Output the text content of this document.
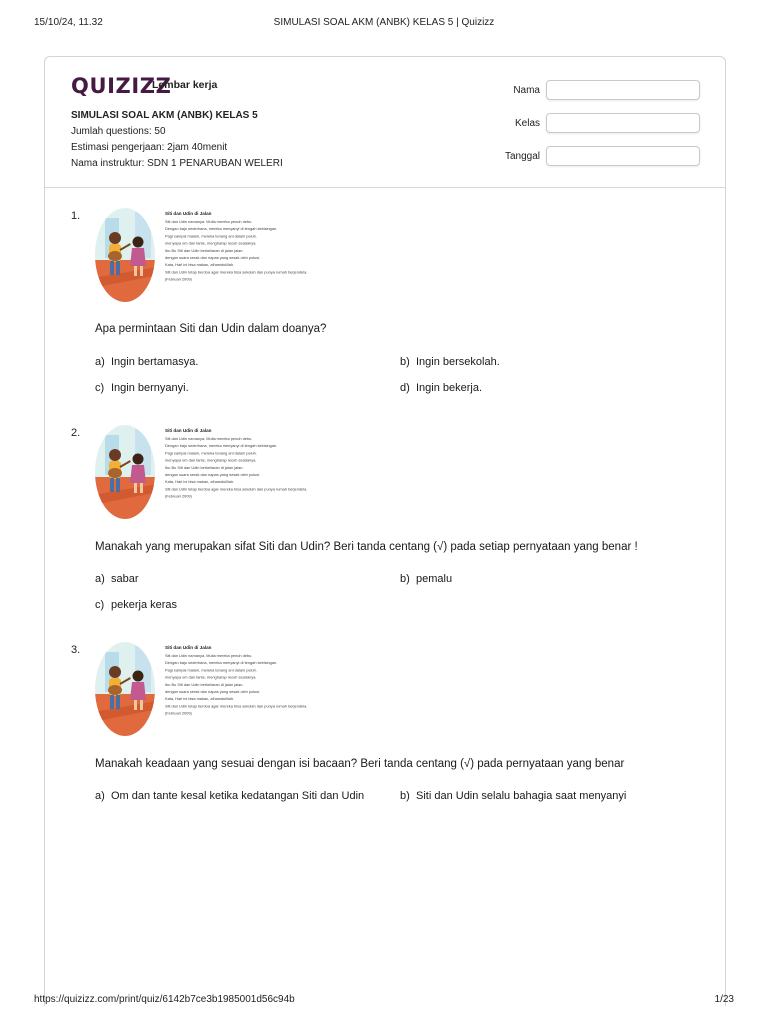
15/10/24, 11.32	SIMULASI SOAL AKM (ANBK) KELAS 5 | Quizizz
QUIZIZZ
Lembar kerja
SIMULASI SOAL AKM (ANBK) KELAS 5
Jumlah questions: 50
Estimasi pengerjaan: 2jam 40menit
Nama instruktur: SDN 1 PENARUBAN WELERI
Nama
Kelas
Tanggal
1.	Siti dan Udin di Jalan
Siti dan Udin namanya. Mulia mereka penuh debu.
Dengan baju sederhana, mereka menyanyi di tengah kebisingan.
Pagi sampai malam, mereka tenang ani dalam peluh.
menyapa om dan tante, mengharap receh seadanya.
Ibu Bu Siti dan Udin berkeliaran di jalan jalan.
dengan suara serak dan napas yang sesak oleh polusi.
Kata, Hari ini bisa makan, alhamdulillah.
Siti dan Udin tetap berdoa agar mereka bisa sekolah dan punya rumah berjendela.
(Februari 2009)
Apa permintaan Siti dan Udin dalam doanya?
a) Ingin bertamasya.	b) Ingin bersekolah.
c) Ingin bernyanyi.	d) Ingin bekerja.
2.	Siti dan Udin di Jalan
Siti dan Udin namanya. Mulia mereka penuh debu.
Dengan baju sederhana, mereka menyanyi di tengah kebisingan.
Pagi sampai malam, mereka tenang ani dalam peluh.
menyapa om dan tante, mengharap receh seadanya.
Ibu Bu Siti dan Udin berkeliaran di jalan jalan.
dengan suara serak dan napas yang sesak oleh polusi.
Kata, Hari ini bisa makan, alhamdulillah.
Siti dan Udin tetap berdoa agar mereka bisa sekolah dan punya rumah berjendela.
(Februari 2009)
Manakah yang merupakan sifat Siti dan Udin? Beri tanda centang (√) pada setiap pernyataan yang benar !
a) sabar	b) pemalu
c) pekerja keras
3.	Siti dan Udin di Jalan
Siti dan Udin namanya. Mulia mereka penuh debu.
Dengan baju sederhana, mereka menyanyi di tengah kebisingan.
Pagi sampai malam, mereka tenang ani dalam peluh.
menyapa om dan tante, mengharap receh seadanya.
Ibu Bu Siti dan Udin berkeliaran di jalan jalan.
dengan suara serak dan napas yang sesak oleh polusi.
Kata, Hari ini bisa makan, alhamdulillah.
Siti dan Udin tetap berdoa agar mereka bisa sekolah dan punya rumah berjendela.
(Februari 2009)
Manakah keadaan yang sesuai dengan isi bacaan? Beri tanda centang (√) pada pernyataan yang benar
a) Om dan tante kesal ketika kedatangan Siti dan Udin	b) Siti dan Udin selalu bahagia saat menyanyi
https://quizizz.com/print/quiz/6142b7ce3b1985001d56c94b	1/23
